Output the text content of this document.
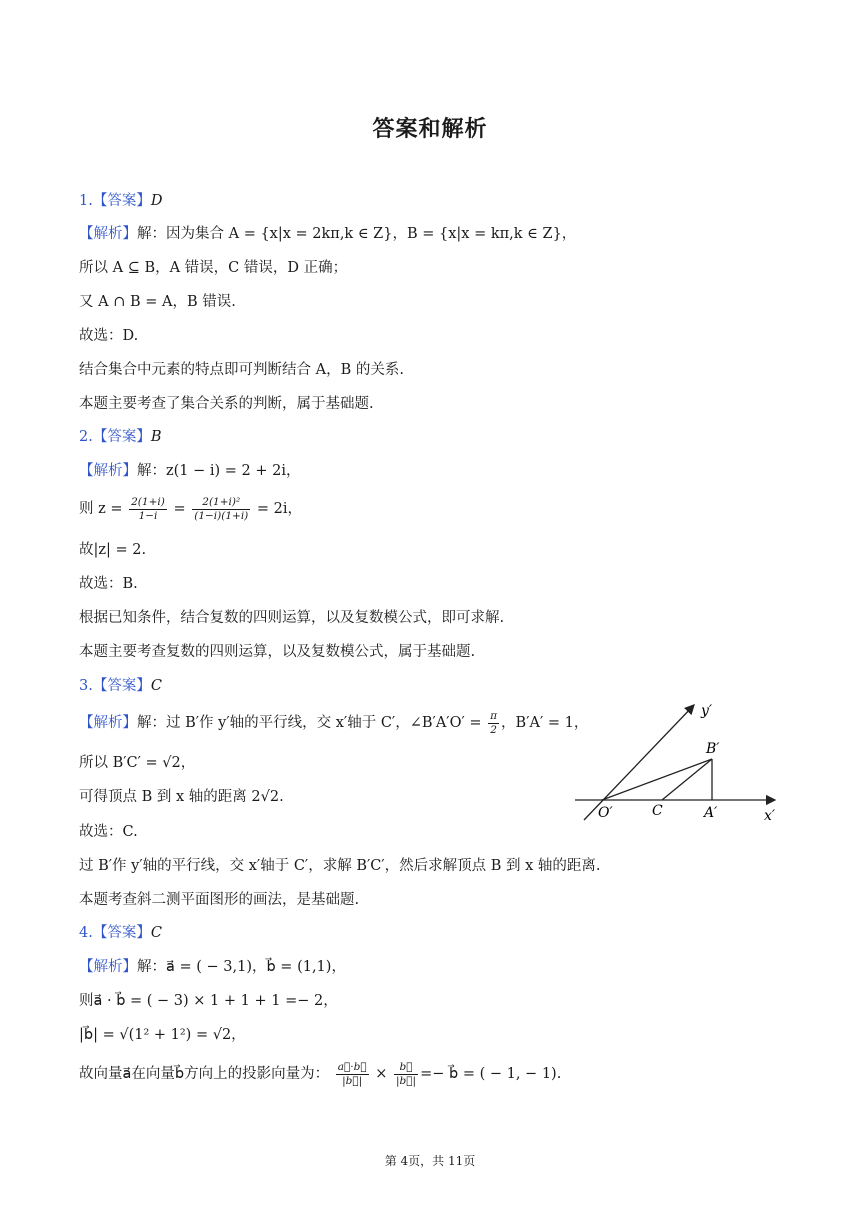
答案和解析
1.【答案】D
【解析】解：因为集合 A = {x|x = 2kπ,k ∈ Z}，B = {x|x = kπ,k ∈ Z}，
所以 A ⊆ B，A 错误，C 错误，D 正确；
又 A ∩ B = A，B 错误.
故选：D.
结合集合中元素的特点即可判断结合 A，B 的关系.
本题主要考查了集合关系的判断，属于基础题.
2.【答案】B
【解析】解：z(1 − i) = 2 + 2i，
则 $z = \frac{2(1+i)}{1-i} = \frac{\text{2(1+i)²}}{(1-i)(1+i)} = 2i$，
故|z| = 2.
故选：B.
根据已知条件，结合复数的四则运算，以及复数模公式，即可求解.
本题主要考查复数的四则运算，以及复数模公式，属于基础题.
3.【答案】C
【解析】解：过 B′作 y′轴的平行线，交 x′轴于 C′，∠B′A′O′ = $\frac{\pi}{2}$ ，B′A′ = 1，
所以 B′C′ = √2，
可得顶点 B 到 x 轴的距离 2√2.
故选：C.
过 B′作 y′轴的平行线，交 x′轴于 C′，求解 B′C′，然后求解顶点 B 到 x 轴的距离.
本题考查斜二测平面图形的画法，是基础题.
y′
x′
O′	C	A′
B′
4.【答案】C
【解析】解：a⃗ = ( − 3,1)，b⃗ = (1,1)，
则a⃗ · b⃗ = ( − 3) × 1 + 1 + 1 =− 2，
|b⃗| = √(1² + 1²) = √2，
故向量a⃗在向量b⃗方向上的投影向量为： $\frac{a⃗\cdot b⃗}{|b⃗|} \times \frac{b⃗}{|b⃗|}$ =− b⃗ = ( − 1, − 1).
第 4页，共 11页
